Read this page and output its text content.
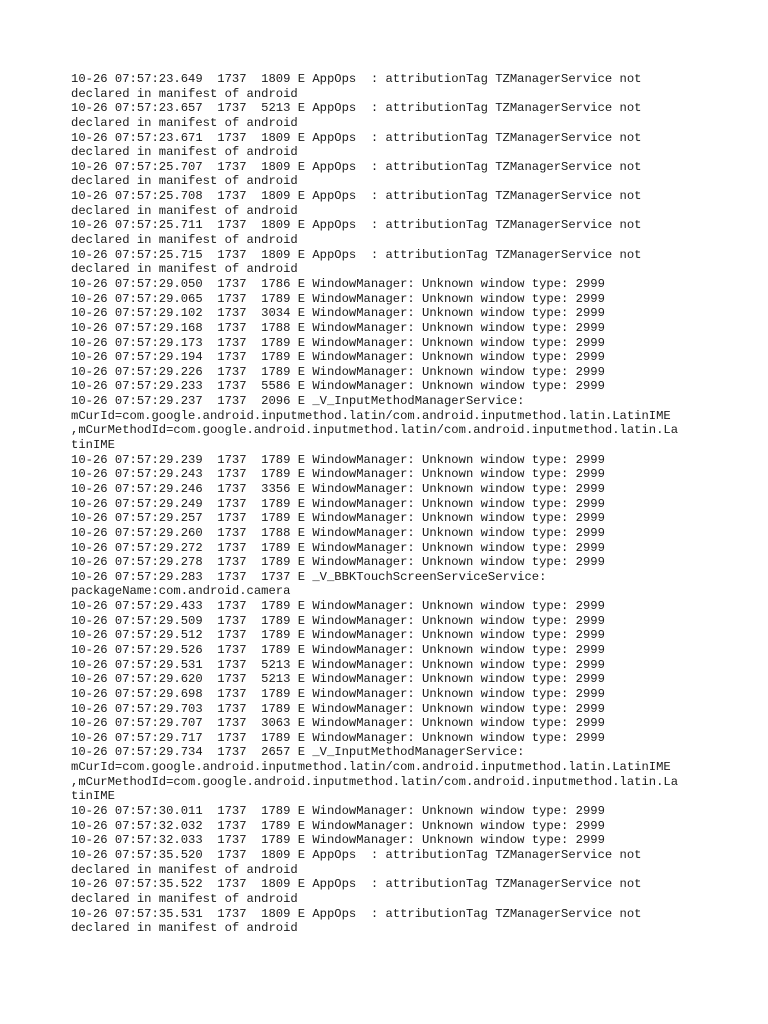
10-26 07:57:23.649  1737  1809 E AppOps  : attributionTag TZManagerService not
declared in manifest of android
10-26 07:57:23.657  1737  5213 E AppOps  : attributionTag TZManagerService not
declared in manifest of android
10-26 07:57:23.671  1737  1809 E AppOps  : attributionTag TZManagerService not
declared in manifest of android
10-26 07:57:25.707  1737  1809 E AppOps  : attributionTag TZManagerService not
declared in manifest of android
10-26 07:57:25.708  1737  1809 E AppOps  : attributionTag TZManagerService not
declared in manifest of android
10-26 07:57:25.711  1737  1809 E AppOps  : attributionTag TZManagerService not
declared in manifest of android
10-26 07:57:25.715  1737  1809 E AppOps  : attributionTag TZManagerService not
declared in manifest of android
10-26 07:57:29.050  1737  1786 E WindowManager: Unknown window type: 2999
10-26 07:57:29.065  1737  1789 E WindowManager: Unknown window type: 2999
10-26 07:57:29.102  1737  3034 E WindowManager: Unknown window type: 2999
10-26 07:57:29.168  1737  1788 E WindowManager: Unknown window type: 2999
10-26 07:57:29.173  1737  1789 E WindowManager: Unknown window type: 2999
10-26 07:57:29.194  1737  1789 E WindowManager: Unknown window type: 2999
10-26 07:57:29.226  1737  1789 E WindowManager: Unknown window type: 2999
10-26 07:57:29.233  1737  5586 E WindowManager: Unknown window type: 2999
10-26 07:57:29.237  1737  2096 E _V_InputMethodManagerService:
mCurId=com.google.android.inputmethod.latin/com.android.inputmethod.latin.LatinIME
,mCurMethodId=com.google.android.inputmethod.latin/com.android.inputmethod.latin.La
tinIME
10-26 07:57:29.239  1737  1789 E WindowManager: Unknown window type: 2999
10-26 07:57:29.243  1737  1789 E WindowManager: Unknown window type: 2999
10-26 07:57:29.246  1737  3356 E WindowManager: Unknown window type: 2999
10-26 07:57:29.249  1737  1789 E WindowManager: Unknown window type: 2999
10-26 07:57:29.257  1737  1789 E WindowManager: Unknown window type: 2999
10-26 07:57:29.260  1737  1788 E WindowManager: Unknown window type: 2999
10-26 07:57:29.272  1737  1789 E WindowManager: Unknown window type: 2999
10-26 07:57:29.278  1737  1789 E WindowManager: Unknown window type: 2999
10-26 07:57:29.283  1737  1737 E _V_BBKTouchScreenServiceService:
packageName:com.android.camera
10-26 07:57:29.433  1737  1789 E WindowManager: Unknown window type: 2999
10-26 07:57:29.509  1737  1789 E WindowManager: Unknown window type: 2999
10-26 07:57:29.512  1737  1789 E WindowManager: Unknown window type: 2999
10-26 07:57:29.526  1737  1789 E WindowManager: Unknown window type: 2999
10-26 07:57:29.531  1737  5213 E WindowManager: Unknown window type: 2999
10-26 07:57:29.620  1737  5213 E WindowManager: Unknown window type: 2999
10-26 07:57:29.698  1737  1789 E WindowManager: Unknown window type: 2999
10-26 07:57:29.703  1737  1789 E WindowManager: Unknown window type: 2999
10-26 07:57:29.707  1737  3063 E WindowManager: Unknown window type: 2999
10-26 07:57:29.717  1737  1789 E WindowManager: Unknown window type: 2999
10-26 07:57:29.734  1737  2657 E _V_InputMethodManagerService:
mCurId=com.google.android.inputmethod.latin/com.android.inputmethod.latin.LatinIME
,mCurMethodId=com.google.android.inputmethod.latin/com.android.inputmethod.latin.La
tinIME
10-26 07:57:30.011  1737  1789 E WindowManager: Unknown window type: 2999
10-26 07:57:32.032  1737  1789 E WindowManager: Unknown window type: 2999
10-26 07:57:32.033  1737  1789 E WindowManager: Unknown window type: 2999
10-26 07:57:35.520  1737  1809 E AppOps  : attributionTag TZManagerService not
declared in manifest of android
10-26 07:57:35.522  1737  1809 E AppOps  : attributionTag TZManagerService not
declared in manifest of android
10-26 07:57:35.531  1737  1809 E AppOps  : attributionTag TZManagerService not
declared in manifest of android
